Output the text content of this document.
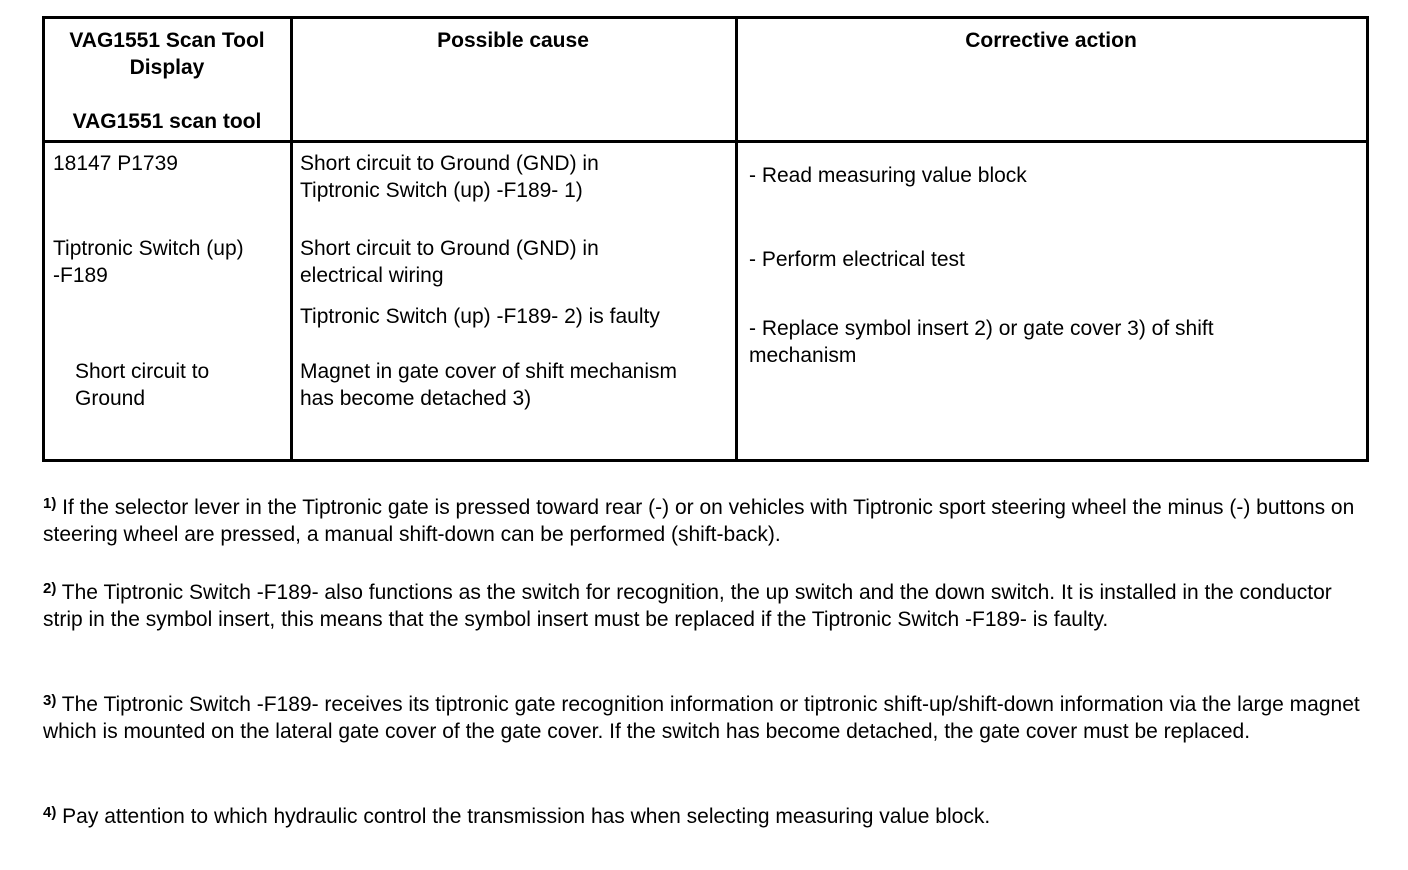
VAG1551 Scan Tool
Display
VAG1551 scan tool
Possible cause	Corrective action
18147 P1739
Tiptronic Switch (up)
-F189
Short circuit to
Ground
Short circuit to Ground (GND) in
Tiptronic Switch (up) -F189- 1)
Short circuit to Ground (GND) in
electrical wiring
Tiptronic Switch (up) -F189- 2) is faulty
Magnet in gate cover of shift mechanism
has become detached 3)
- Read measuring value block
- Perform electrical test
- Replace symbol insert 2) or gate cover 3) of shift
mechanism
$^{1)}$ If the selector lever in the Tiptronic gate is pressed toward rear (-) or on vehicles with Tiptronic sport steering wheel the minus (-) buttons on steering wheel are pressed, a manual shift-down can be performed (shift-back).
$^{2)}$ The Tiptronic Switch -F189- also functions as the switch for recognition, the up switch and the down switch. It is installed in the conductor strip in the symbol insert, this means that the symbol insert must be replaced if the Tiptronic Switch -F189- is faulty.
$^{3)}$ The Tiptronic Switch -F189- receives its tiptronic gate recognition information or tiptronic shift-up/shift-down information via the large magnet which is mounted on the lateral gate cover of the gate cover. If the switch has become detached, the gate cover must be replaced.
$^{4)}$ Pay attention to which hydraulic control the transmission has when selecting measuring value block.
